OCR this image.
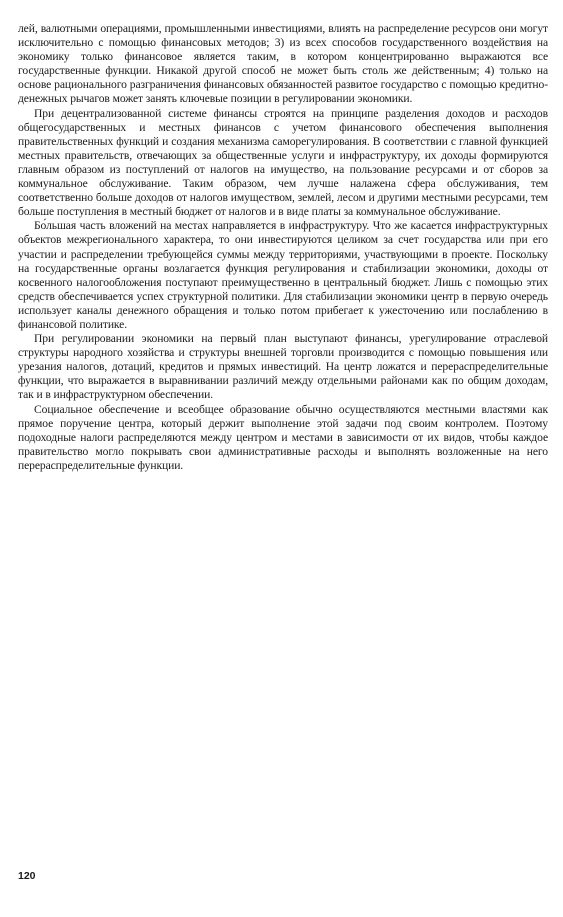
лей, валютными операциями, промышленными инвестициями, влиять на распределение ресурсов они могут исключительно с помощью финансовых методов; 3) из всех способов государственного воздействия на экономику только финансовое является таким, в котором концентрированно выражаются все государственные функции. Никакой другой способ не может быть столь же действенным; 4) только на основе рационального разграничения финансовых обязанностей развитое государство с помощью кредитно-денежных рычагов может занять ключевые позиции в регулировании экономики.

При децентрализованной системе финансы строятся на принципе разделения доходов и расходов общегосударственных и местных финансов с учетом финансового обеспечения выполнения правительственных функций и создания механизма саморегулирования. В соответствии с главной функцией местных правительств, отвечающих за общественные услуги и инфраструктуру, их доходы формируются главным образом из поступлений от налогов на имущество, на пользование ресурсами и от сборов за коммунальное обслуживание. Таким образом, чем лучше налажена сфера обслуживания, тем соответственно больше доходов от налогов имуществом, землей, лесом и другими местными ресурсами, тем больше поступления в местный бюджет от налогов и в виде платы за коммунальное обслуживание.

Бо́льшая часть вложений на местах направляется в инфраструктуру. Что же касается инфраструктурных объектов межрегионального характера, то они инвестируются целиком за счет государства или при его участии и распределении требующейся суммы между территориями, участвующими в проекте. Поскольку на государственные органы возлагается функция регулирования и стабилизации экономики, доходы от косвенного налогообложения поступают преимущественно в центральный бюджет. Лишь с помощью этих средств обеспечивается успех структурной политики. Для стабилизации экономики центр в первую очередь использует каналы денежного обращения и только потом прибегает к ужесточению или послаблению в финансовой политике.

При регулировании экономики на первый план выступают финансы, урегулирование отраслевой структуры народного хозяйства и структуры внешней торговли производится с помощью повышения или урезания налогов, дотаций, кредитов и прямых инвестиций. На центр ложатся и перераспределительные функции, что выражается в выравнивании различий между отдельными районами как по общим доходам, так и в инфраструктурном обеспечении.

Социальное обеспечение и всеобщее образование обычно осуществляются местными властями как прямое поручение центра, который держит выполнение этой задачи под своим контролем. Поэтому подоходные налоги распределяются между центром и местами в зависимости от их видов, чтобы каждое правительство могло покрывать свои административные расходы и выполнять возложенные на него перераспределительные функции.

120
